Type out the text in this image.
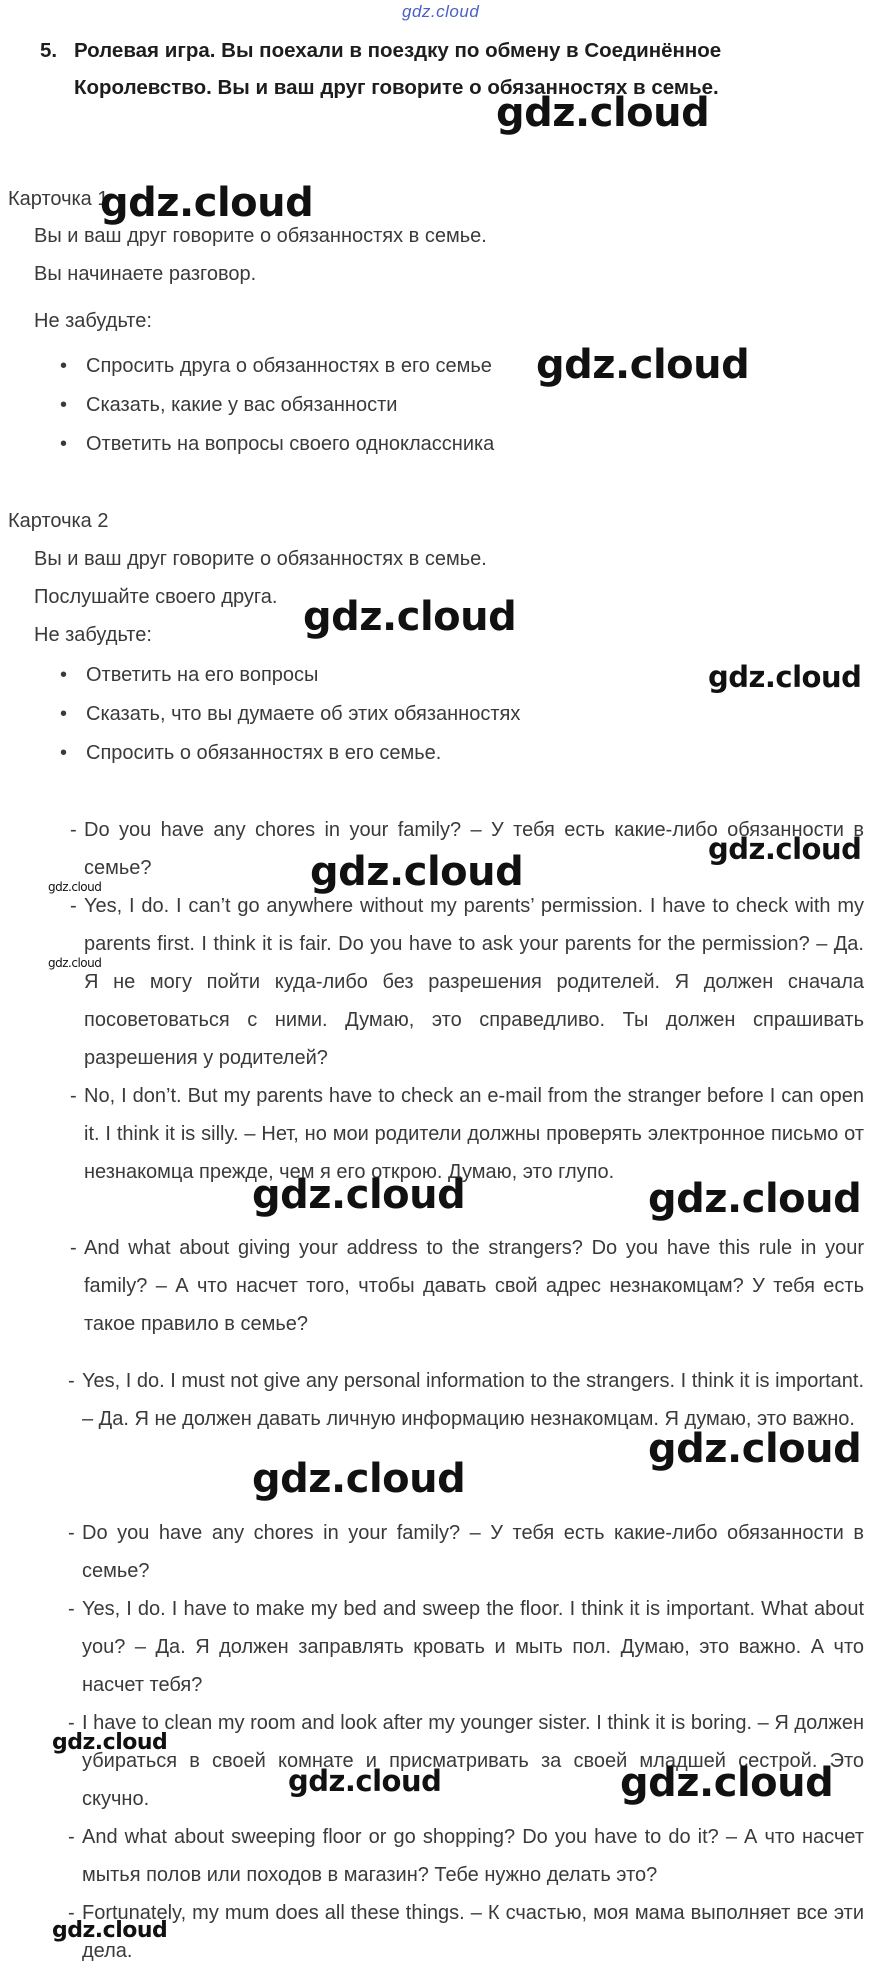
gdz.cloud
5. Ролевая игра. Вы поехали в поездку по обмену в Соединённое
Королевство. Вы и ваш друг говорите о обязанностях в семье.
Карточка 1
Вы и ваш друг говорите о обязанностях в семье.
Вы начинаете разговор.
Не забудьте:
• Спросить друга о обязанностях в его семье
• Сказать, какие у вас обязанности
• Ответить на вопросы своего одноклассника
Карточка 2
Вы и ваш друг говорите о обязанностях в семье.
Послушайте своего друга.
Не забудьте:
• Ответить на его вопросы
• Сказать, что вы думаете об этих обязанностях
• Спросить о обязанностях в его семье.
- Do you have any chores in your family? – У тебя есть какие-либо обязанности в семье?
- Yes, I do. I can’t go anywhere without my parents’ permission. I have to check with my parents first. I think it is fair. Do you have to ask your parents for the permission? – Да. Я не могу пойти куда-либо без разрешения родителей. Я должен сначала посоветоваться с ними. Думаю, это справедливо. Ты должен спрашивать разрешения у родителей?
- No, I don’t. But my parents have to check an e-mail from the stranger before I can open it. I think it is silly. – Нет, но мои родители должны проверять электронное письмо от незнакомца прежде, чем я его открою. Думаю, это глупо.
- And what about giving your address to the strangers? Do you have this rule in your family? – А что насчет того, чтобы давать свой адрес незнакомцам? У тебя есть такое правило в семье?
- Yes, I do. I must not give any personal information to the strangers. I think it is important. – Да. Я не должен давать личную информацию незнакомцам. Я думаю, это важно.
- Do you have any chores in your family? – У тебя есть какие-либо обязанности в семье?
- Yes, I do. I have to make my bed and sweep the floor. I think it is important. What about you? – Да. Я должен заправлять кровать и мыть пол. Думаю, это важно. А что насчет тебя?
- I have to clean my room and look after my younger sister. I think it is boring. – Я должен убираться в своей комнате и присматривать за своей младшей сестрой. Это скучно.
- And what about sweeping floor or go shopping? Do you have to do it? – А что насчет мытья полов или походов в магазин? Тебе нужно делать это?
- Fortunately, my mum does all these things. – К счастью, моя мама выполняет все эти дела.
gdz.cloud
gdz.cloud
gdz.cloud
gdz.cloud
gdz.cloud
gdz.cloud
gdz.cloud
gdz.cloud
gdz.cloud
gdz.cloud	gdz.cloud
gdz.cloud
gdz.cloud
gdz.cloud
gdz.cloud	gdz.cloud
gdz.cloud
